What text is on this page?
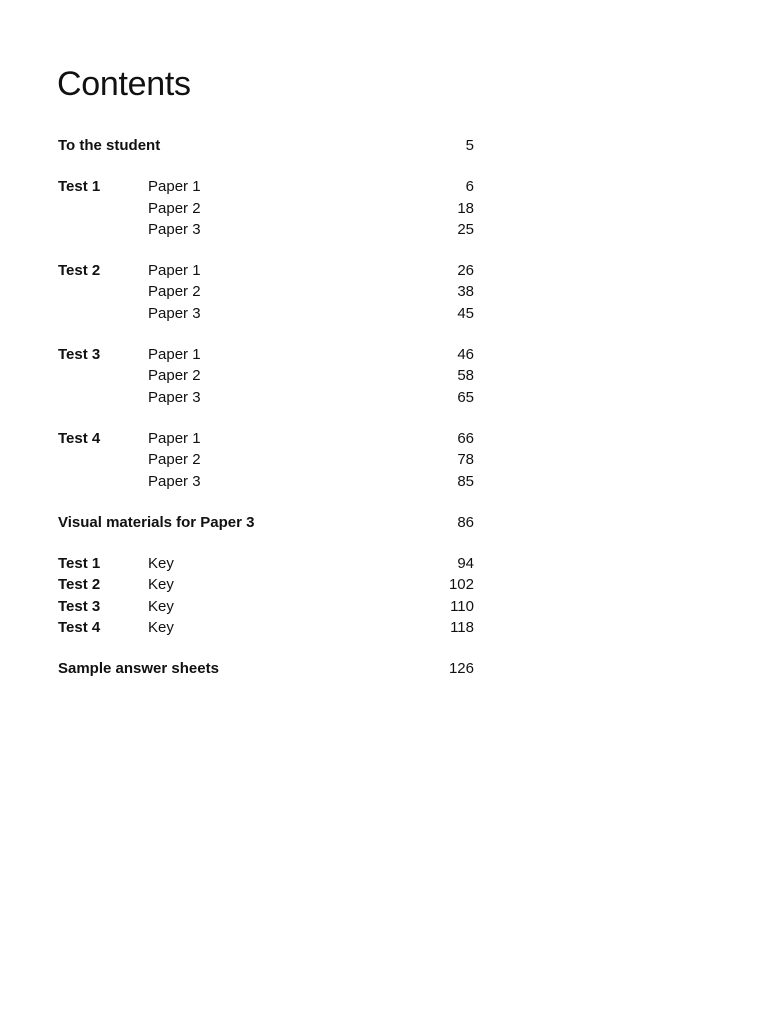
Contents
To the student	5
Test 1	Paper 1	6
Paper 2	18
Paper 3	25
Test 2	Paper 1	26
Paper 2	38
Paper 3	45
Test 3	Paper 1	46
Paper 2	58
Paper 3	65
Test 4	Paper 1	66
Paper 2	78
Paper 3	85
Visual materials for Paper 3	86
Test 1	Key	94
Test 2	Key	102
Test 3	Key	110
Test 4	Key	118
Sample answer sheets	126
